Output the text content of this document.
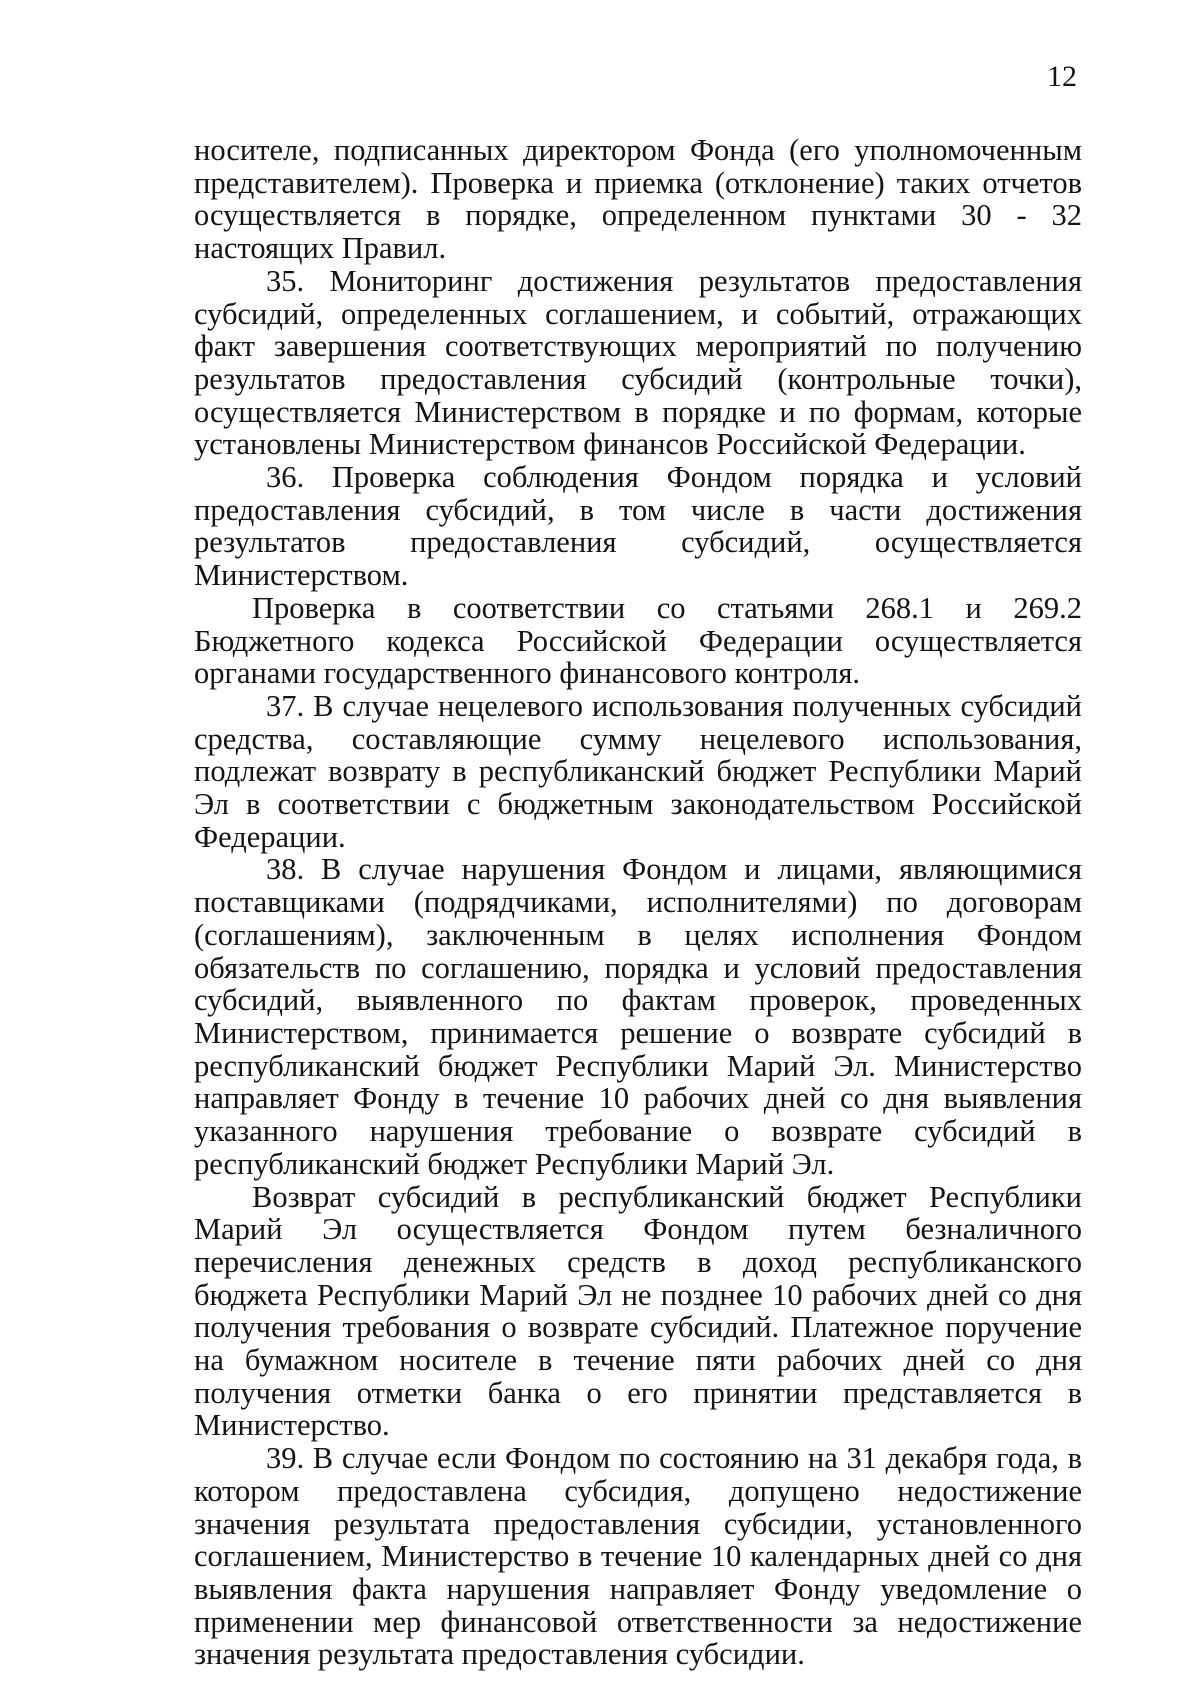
12

носителе, подписанных директором Фонда (его уполномоченным представителем). Проверка и приемка (отклонение) таких отчетов осуществляется в порядке, определенном пунктами 30 - 32 настоящих Правил.

35. Мониторинг достижения результатов предоставления субсидий, определенных соглашением, и событий, отражающих факт завершения соответствующих мероприятий по получению результатов предоставления субсидий (контрольные точки), осуществляется Министерством в порядке и по формам, которые установлены Министерством финансов Российской Федерации.

36. Проверка соблюдения Фондом порядка и условий предоставления субсидий, в том числе в части достижения результатов предоставления субсидий, осуществляется Министерством.

Проверка в соответствии со статьями 268.1 и 269.2 Бюджетного кодекса Российской Федерации осуществляется органами государственного финансового контроля.

37. В случае нецелевого использования полученных субсидий средства, составляющие сумму нецелевого использования, подлежат возврату в республиканский бюджет Республики Марий Эл в соответствии с бюджетным законодательством Российской Федерации.

38. В случае нарушения Фондом и лицами, являющимися поставщиками (подрядчиками, исполнителями) по договорам (соглашениям), заключенным в целях исполнения Фондом обязательств по соглашению, порядка и условий предоставления субсидий, выявленного по фактам проверок, проведенных Министерством, принимается решение о возврате субсидий в республиканский бюджет Республики Марий Эл. Министерство направляет Фонду в течение 10 рабочих дней со дня выявления указанного нарушения требование о возврате субсидий в республиканский бюджет Республики Марий Эл.

Возврат субсидий в республиканский бюджет Республики Марий Эл осуществляется Фондом путем безналичного перечисления денежных средств в доход республиканского бюджета Республики Марий Эл не позднее 10 рабочих дней со дня получения требования о возврате субсидий. Платежное поручение на бумажном носителе в течение пяти рабочих дней со дня получения отметки банка о его принятии представляется в Министерство.

39. В случае если Фондом по состоянию на 31 декабря года, в котором предоставлена субсидия, допущено недостижение значения результата предоставления субсидии, установленного соглашением, Министерство в течение 10 календарных дней со дня выявления факта нарушения направляет Фонду уведомление о применении мер финансовой ответственности за недостижение значения результата предоставления субсидии.
